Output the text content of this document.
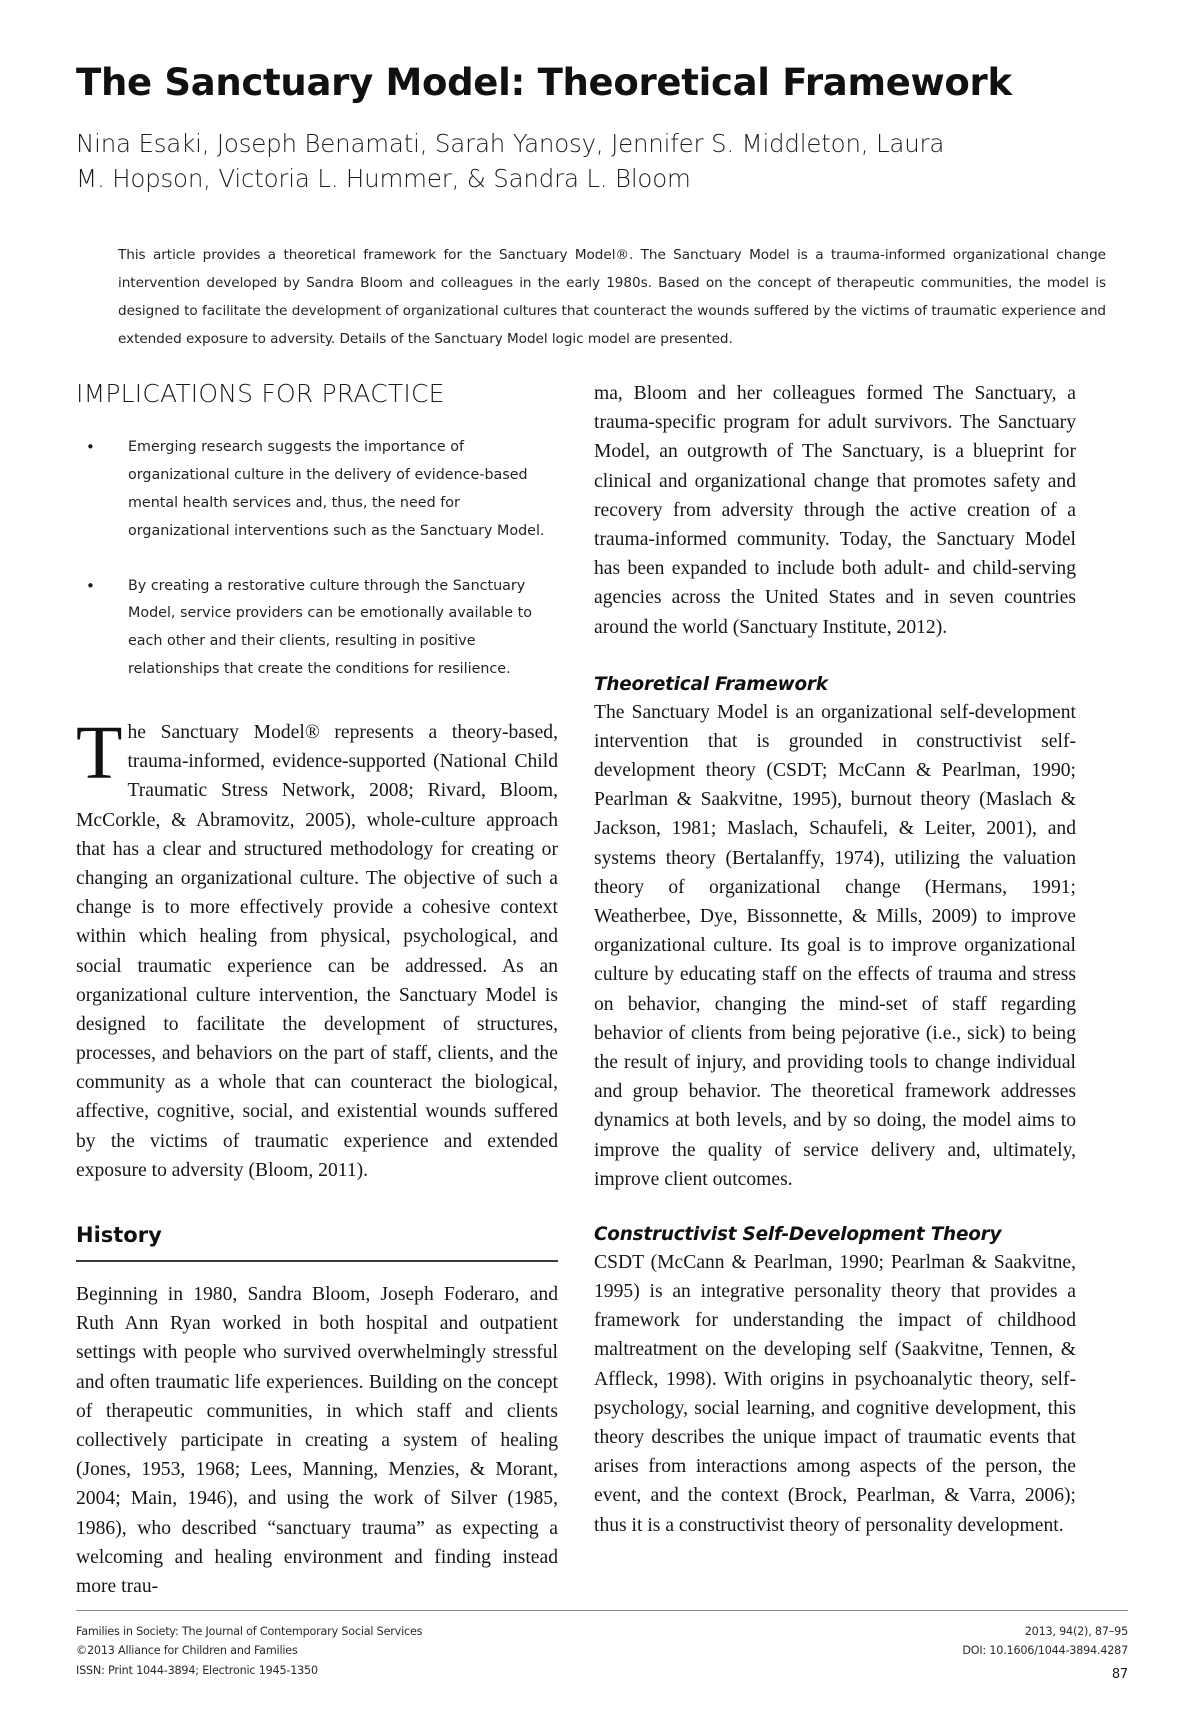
The Sanctuary Model: Theoretical Framework
Nina Esaki, Joseph Benamati, Sarah Yanosy, Jennifer S. Middleton, Laura M. Hopson, Victoria L. Hummer, & Sandra L. Bloom
This article provides a theoretical framework for the Sanctuary Model®. The Sanctuary Model is a trauma-informed organizational change intervention developed by Sandra Bloom and colleagues in the early 1980s. Based on the concept of therapeutic communities, the model is designed to facilitate the development of organizational cultures that counteract the wounds suffered by the victims of traumatic experience and extended exposure to adversity. Details of the Sanctuary Model logic model are presented.
IMPLICATIONS FOR PRACTICE
• Emerging research suggests the importance of organizational culture in the delivery of evidence-based mental health services and, thus, the need for organizational interventions such as the Sanctuary Model.
• By creating a restorative culture through the Sanctuary Model, service providers can be emotionally available to each other and their clients, resulting in positive relationships that create the conditions for resilience.

The Sanctuary Model® represents a theory-based, trauma-informed, evidence-supported (National Child Traumatic Stress Network, 2008; Rivard, Bloom, McCorkle, & Abramovitz, 2005), whole-culture approach that has a clear and structured methodology for creating or changing an organizational culture. The objective of such a change is to more effectively provide a cohesive context within which healing from physical, psychological, and social traumatic experience can be addressed. As an organizational culture intervention, the Sanctuary Model is designed to facilitate the development of structures, processes, and behaviors on the part of staff, clients, and the community as a whole that can counteract the biological, affective, cognitive, social, and existential wounds suffered by the victims of traumatic experience and extended exposure to adversity (Bloom, 2011).

History

Beginning in 1980, Sandra Bloom, Joseph Foderaro, and Ruth Ann Ryan worked in both hospital and outpatient settings with people who survived overwhelmingly stressful and often traumatic life experiences. Building on the concept of therapeutic communities, in which staff and clients collectively participate in creating a system of healing (Jones, 1953, 1968; Lees, Manning, Menzies, & Morant, 2004; Main, 1946), and using the work of Silver (1985, 1986), who described “sanctuary trauma” as expecting a welcoming and healing environment and finding instead more trau-

ma, Bloom and her colleagues formed The Sanctuary, a trauma-specific program for adult survivors. The Sanctuary Model, an outgrowth of The Sanctuary, is a blueprint for clinical and organizational change that promotes safety and recovery from adversity through the active creation of a trauma-informed community. Today, the Sanctuary Model has been expanded to include both adult- and child-serving agencies across the United States and in seven countries around the world (Sanctuary Institute, 2012).

Theoretical Framework

The Sanctuary Model is an organizational self-development intervention that is grounded in constructivist self-development theory (CSDT; McCann & Pearlman, 1990; Pearlman & Saakvitne, 1995), burnout theory (Maslach & Jackson, 1981; Maslach, Schaufeli, & Leiter, 2001), and systems theory (Bertalanffy, 1974), utilizing the valuation theory of organizational change (Hermans, 1991; Weatherbee, Dye, Bissonnette, & Mills, 2009) to improve organizational culture. Its goal is to improve organizational culture by educating staff on the effects of trauma and stress on behavior, changing the mind-set of staff regarding behavior of clients from being pejorative (i.e., sick) to being the result of injury, and providing tools to change individual and group behavior. The theoretical framework addresses dynamics at both levels, and by so doing, the model aims to improve the quality of service delivery and, ultimately, improve client outcomes.

Constructivist Self-Development Theory

CSDT (McCann & Pearlman, 1990; Pearlman & Saakvitne, 1995) is an integrative personality theory that provides a framework for understanding the impact of childhood maltreatment on the developing self (Saakvitne, Tennen, & Affleck, 1998). With origins in psychoanalytic theory, self-psychology, social learning, and cognitive development, this theory describes the unique impact of traumatic events that arises from interactions among aspects of the person, the event, and the context (Brock, Pearlman, & Varra, 2006); thus it is a constructivist theory of personality development.

Families in Society: The Journal of Contemporary Social Services
©2013 Alliance for Children and Families
ISSN: Print 1044-3894; Electronic 1945-1350
2013, 94(2), 87–95
DOI: 10.1606/1044-3894.4287
87
